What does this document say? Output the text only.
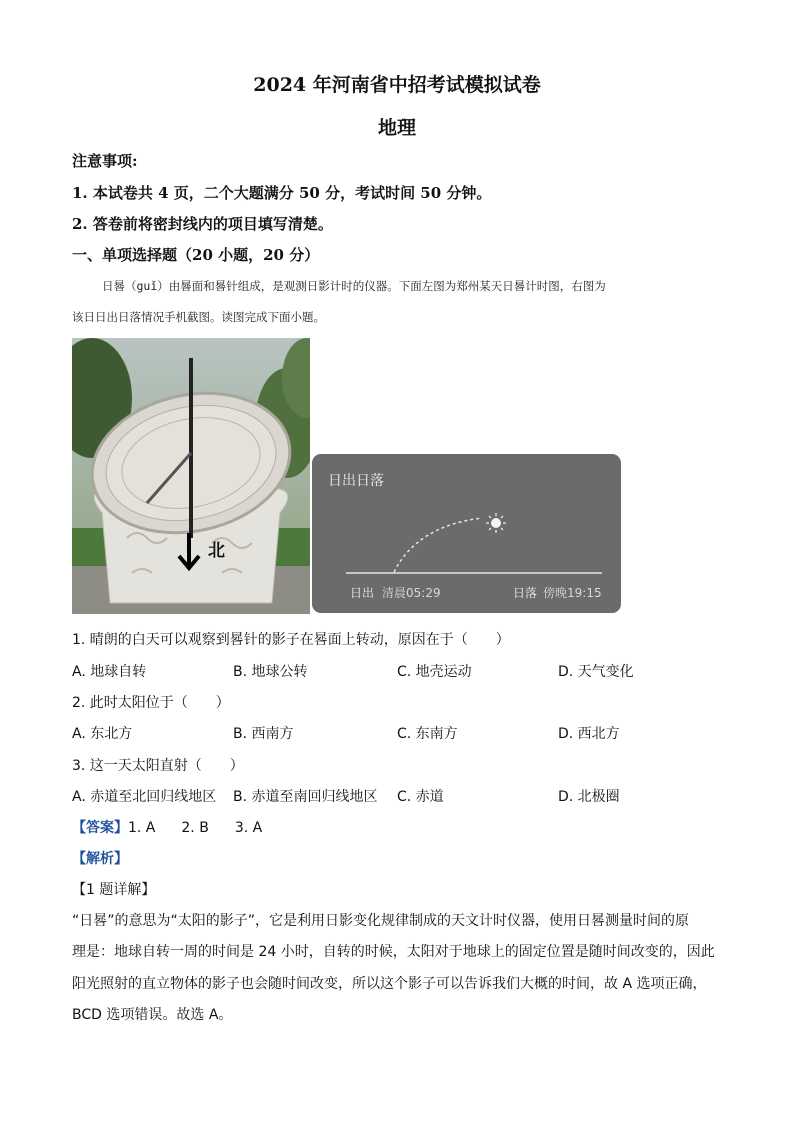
2024 年河南省中招考试模拟试卷
地理
注意事项:
1. 本试卷共 4 页，二个大题满分 50 分，考试时间 50 分钟。
2. 答卷前将密封线内的项目填写清楚。
一、单项选择题（20 小题，20 分）
日晷（guǐ）由晷面和晷针组成，是观测日影计时的仪器。下面左图为郑州某天日晷计时图，右图为
该日日出日落情况手机截图。读图完成下面小题。
北
日出日落
日出 清晨05:29	日落 傍晚19:15
1. 晴朗的白天可以观察到晷针的影子在晷面上转动，原因在于（　　）
A. 地球自转	B. 地球公转	C. 地壳运动	D. 天气变化
2. 此时太阳位于（　　）
A. 东北方	B. 西南方	C. 东南方	D. 西北方
3. 这一天太阳直射（　　）
A. 赤道至北回归线地区 B. 赤道至南回归线地区 C. 赤道	D. 北极圈
【答案】1. A 2. B 3. A
【解析】
【1 题详解】
“日晷”的意思为“太阳的影子”，它是利用日影变化规律制成的天文计时仪器，使用日晷测量时间的原
理是：地球自转一周的时间是 24 小时，自转的时候，太阳对于地球上的固定位置是随时间改变的，因此
阳光照射的直立物体的影子也会随时间改变，所以这个影子可以告诉我们大概的时间，故 A 选项正确，
BCD 选项错误。故选 A。
